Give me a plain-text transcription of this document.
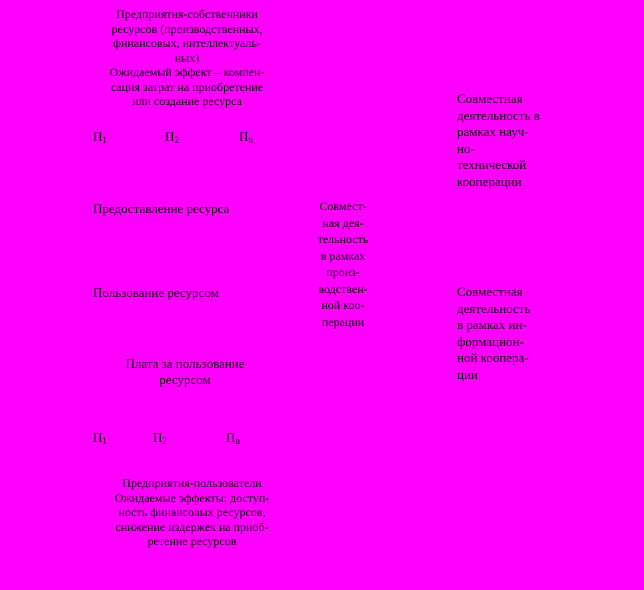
Предприятия-собственники
ресурсов (производственных,
финансовых, интеллектуаль-
ных)
Ожидаемый эффект – компен-
сация затрат на приобретение
или создание ресурса
$П_1$	$П_2$	$П_n$
Предоставление ресурса
Пользование ресурсом
Плата за пользование
ресурсом
$П_1$	$П_2$	$П_n$
Предприятия-пользователи
Ожидаемые эффекты: доступ-
ность финансовых ресурсов,
снижение издержек на приоб-
ретение ресурсов
Совмест-
ная дея-
тельность
в рамках
произ-
водствен-
ной коо-
перации
Совместная
деятельность в
рамках науч-
но-
технической
кооперации
Совместная
деятельность
в рамках ин-
формацион-
ной коопера-
ции
